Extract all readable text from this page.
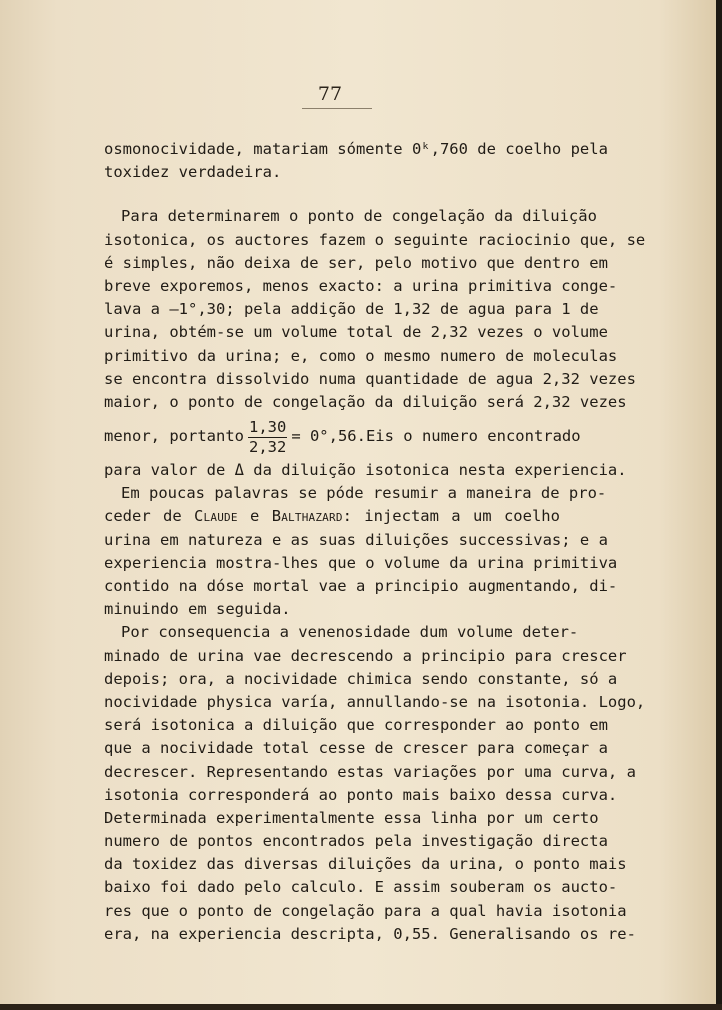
77
osmonocividade, matariam sómente 0ᵏ,760 de coelho pela
toxidez verdadeira.
Para determinarem o ponto de congelação da diluição
isotonica, os auctores fazem o seguinte raciocinio que, se
é simples, não deixa de ser, pelo motivo que dentro em
breve exporemos, menos exacto: a urina primitiva conge-
lava a —1°,30; pela addição de 1,32 de agua para 1 de
urina, obtém-se um volume total de 2,32 vezes o volume
primitivo da urina; e, como o mesmo numero de moleculas
se encontra dissolvido numa quantidade de agua 2,32 vezes
maior, o ponto de congelação da diluição será 2,32 vezes
menor, portanto $\frac{1,30}{2,32} = 0^\circ,56$. Eis o numero encontrado
para valor de Δ da diluição isotonica nesta experiencia.
Em poucas palavras se póde resumir a maneira de pro-
ceder de Claude e Balthazard: injectam a um coelho
urina em natureza e as suas diluições successivas; e a
experiencia mostra-lhes que o volume da urina primitiva
contido na dóse mortal vae a principio augmentando, di-
minuindo em seguida.
Por consequencia a venenosidade dum volume deter-
minado de urina vae decrescendo a principio para crescer
depois; ora, a nocividade chimica sendo constante, só a
nocividade physica varía, annullando-se na isotonia. Logo,
será isotonica a diluição que corresponder ao ponto em
que a nocividade total cesse de crescer para começar a
decrescer. Representando estas variações por uma curva, a
isotonia corresponderá ao ponto mais baixo dessa curva.
Determinada experimentalmente essa linha por um certo
numero de pontos encontrados pela investigação directa
da toxidez das diversas diluições da urina, o ponto mais
baixo foi dado pelo calculo. E assim souberam os aucto-
res que o ponto de congelação para a qual havia isotonia
era, na experiencia descripta, 0,55. Generalisando os re-
